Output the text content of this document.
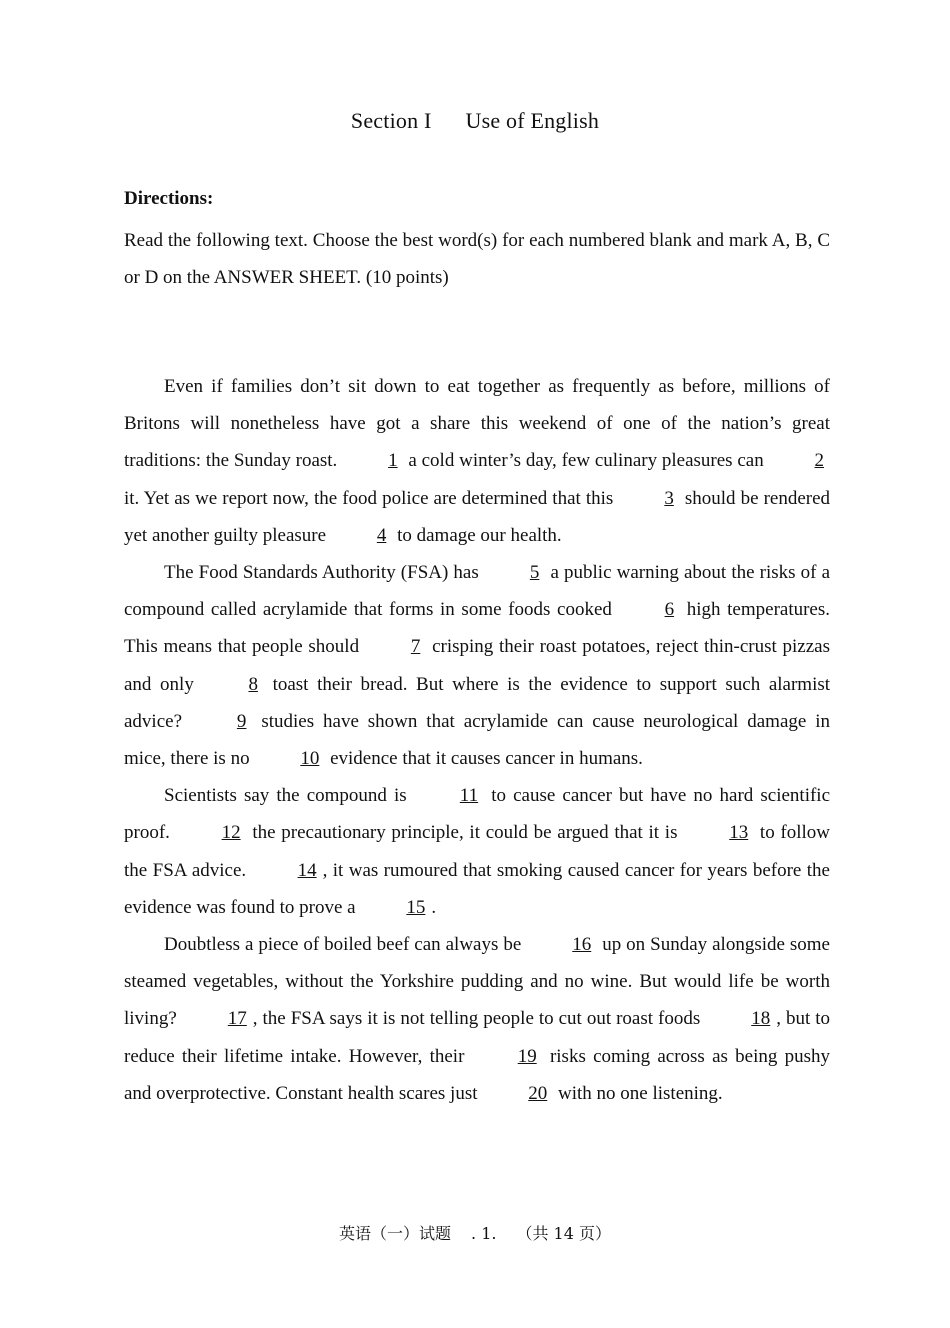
Section I Use of English
Directions:
Read the following text. Choose the best word(s) for each numbered blank and mark A, B, C or D on the ANSWER SHEET. (10 points)

Even if families don’t sit down to eat together as frequently as before, millions of Britons will nonetheless have got a share this weekend of one of the nation’s great traditions: the Sunday roast.	1 a cold winter’s day, few culinary pleasures can	2 it. Yet as we report now, the food police are determined that this	3 should be rendered yet another guilty pleasure	4 to damage our health.

The Food Standards Authority (FSA) has	5 a public warning about the risks of a compound called acrylamide that forms in some foods cooked	6 high temperatures. This means that people should	7 crisping their roast potatoes, reject thin-crust pizzas and only	8 toast their bread. But where is the evidence to support such alarmist advice?	9 studies have shown that acrylamide can cause neurological damage in mice, there is no	10 evidence that it causes cancer in humans.

Scientists say the compound is	11 to cause cancer but have no hard scientific proof.	12 the precautionary principle, it could be argued that it is	13 to follow the FSA advice.	14 , it was rumoured that smoking caused cancer for years before the evidence was found to prove a	15 .

Doubtless a piece of boiled beef can always be	16 up on Sunday alongside some steamed vegetables, without the Yorkshire pudding and no wine. But would life be worth living?	17 , the FSA says it is not telling people to cut out roast foods	18 , but to reduce their lifetime intake. However, their	19 risks coming across as being pushy and overprotective. Constant health scares just	20 with no one listening.

英语（一）试题 . 1. （共 14 页）
